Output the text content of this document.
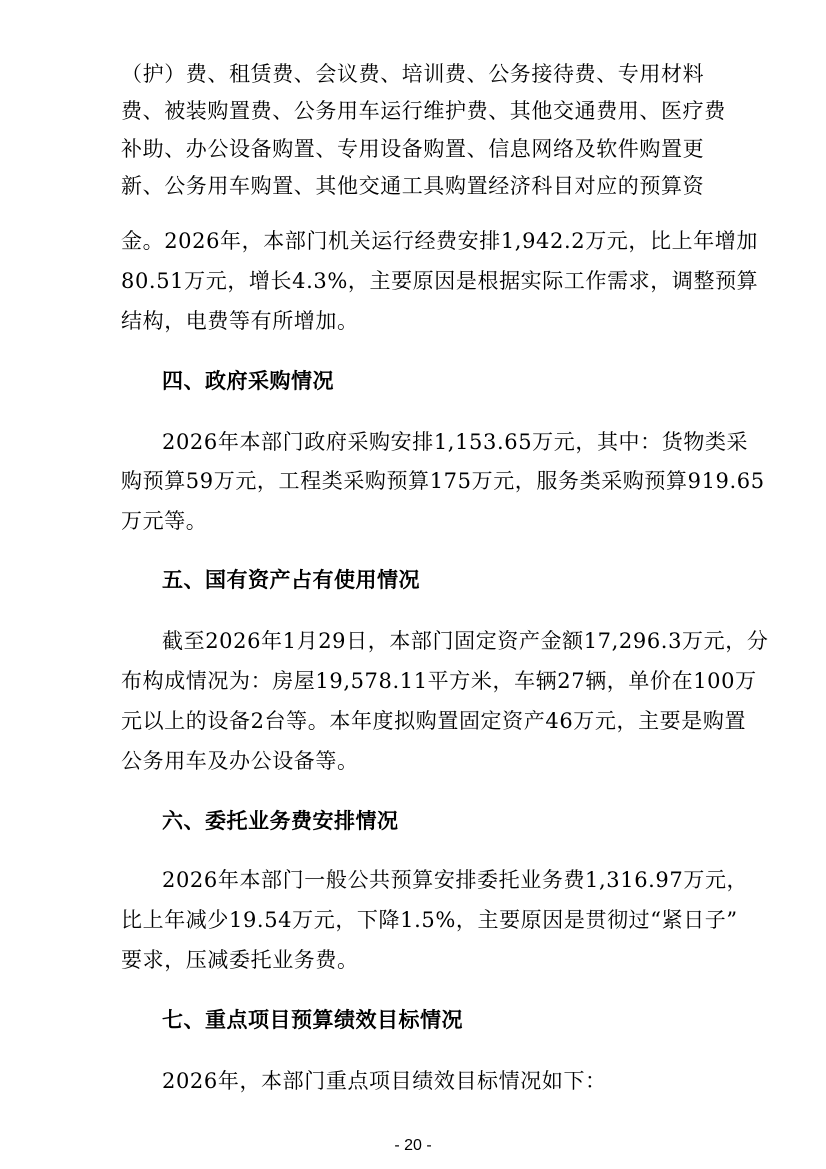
（护）费、租赁费、会议费、培训费、公务接待费、专用材料
费、被装购置费、公务用车运行维护费、其他交通费用、医疗费
补助、办公设备购置、专用设备购置、信息网络及软件购置更
新、公务用车购置、其他交通工具购置经济科目对应的预算资
金。2026年，本部门机关运行经费安排1,942.2万元，比上年增加
80.51万元，增长4.3%，主要原因是根据实际工作需求，调整预算
结构，电费等有所增加。
四、政府采购情况
2026年本部门政府采购安排1,153.65万元，其中：货物类采
购预算59万元，工程类采购预算175万元，服务类采购预算919.65
万元等。
五、国有资产占有使用情况
截至2026年1月29日，本部门固定资产金额17,296.3万元，分
布构成情况为：房屋19,578.11平方米，车辆27辆，单价在100万
元以上的设备2台等。本年度拟购置固定资产46万元，主要是购置
公务用车及办公设备等。
六、委托业务费安排情况
2026年本部门一般公共预算安排委托业务费1,316.97万元，
比上年减少19.54万元，下降1.5%，主要原因是贯彻过“紧日子”
要求，压减委托业务费。
七、重点项目预算绩效目标情况
2026年，本部门重点项目绩效目标情况如下：
- 20 -
